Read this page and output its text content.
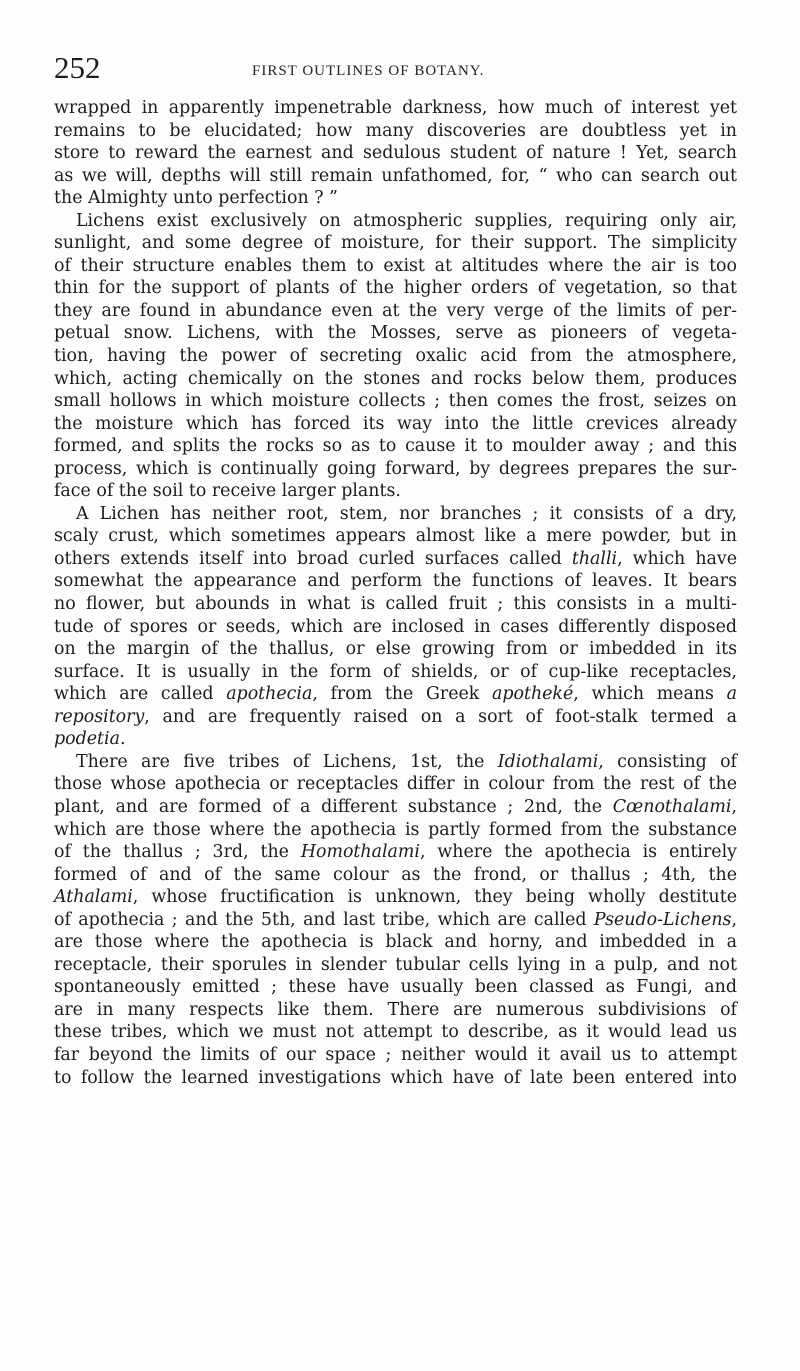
252	FIRST OUTLINES OF BOTANY.
wrapped in apparently impenetrable darkness, how much of interest yet
remains to be elucidated; how many discoveries are doubtless yet in
store to reward the earnest and sedulous student of nature ! Yet, search
as we will, depths will still remain unfathomed, for, “ who can search out
the Almighty unto perfection ? ”
Lichens exist exclusively on atmospheric supplies, requiring only air,
sunlight, and some degree of moisture, for their support. The simplicity
of their structure enables them to exist at altitudes where the air is too
thin for the support of plants of the higher orders of vegetation, so that
they are found in abundance even at the very verge of the limits of per-
petual snow. Lichens, with the Mosses, serve as pioneers of vegeta-
tion, having the power of secreting oxalic acid from the atmosphere,
which, acting chemically on the stones and rocks below them, produces
small hollows in which moisture collects ; then comes the frost, seizes on
the moisture which has forced its way into the little crevices already
formed, and splits the rocks so as to cause it to moulder away ; and this
process, which is continually going forward, by degrees prepares the sur-
face of the soil to receive larger plants.
A Lichen has neither root, stem, nor branches ; it consists of a dry,
scaly crust, which sometimes appears almost like a mere powder, but in
others extends itself into broad curled surfaces called thalli, which have
somewhat the appearance and perform the functions of leaves. It bears
no flower, but abounds in what is called fruit ; this consists in a multi-
tude of spores or seeds, which are inclosed in cases differently disposed
on the margin of the thallus, or else growing from or imbedded in its
surface. It is usually in the form of shields, or of cup-like receptacles,
which are called apothecia, from the Greek apotheké, which means a
repository, and are frequently raised on a sort of foot-stalk termed a
podetia.
There are five tribes of Lichens, 1st, the Idiothalami, consisting of
those whose apothecia or receptacles differ in colour from the rest of the
plant, and are formed of a different substance ; 2nd, the Cœnothalami,
which are those where the apothecia is partly formed from the substance
of the thallus ; 3rd, the Homothalami, where the apothecia is entirely
formed of and of the same colour as the frond, or thallus ; 4th, the
Athalami, whose fructification is unknown, they being wholly destitute
of apothecia ; and the 5th, and last tribe, which are called Pseudo-Lichens,
are those where the apothecia is black and horny, and imbedded in a
receptacle, their sporules in slender tubular cells lying in a pulp, and not
spontaneously emitted ; these have usually been classed as Fungi, and
are in many respects like them. There are numerous subdivisions of
these tribes, which we must not attempt to describe, as it would lead us
far beyond the limits of our space ; neither would it avail us to attempt
to follow the learned investigations which have of late been entered into
